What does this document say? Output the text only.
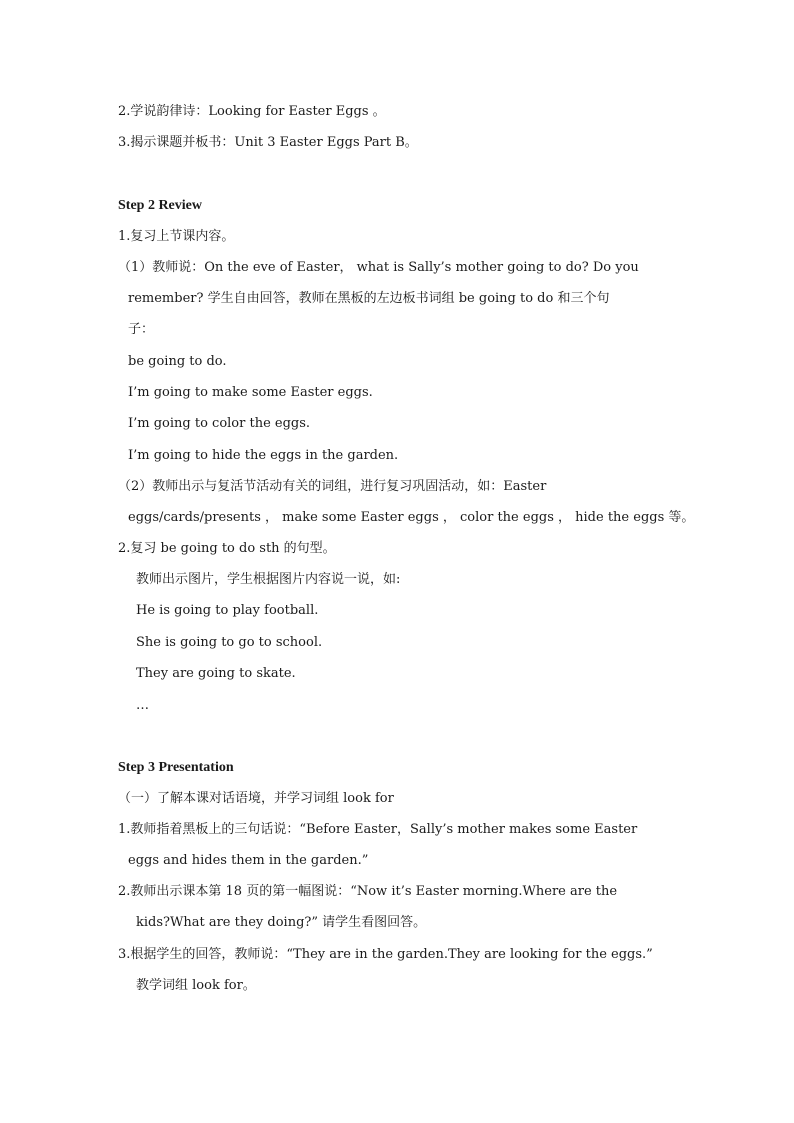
2.学说韵律诗：Looking for Easter Eggs 。
3.揭示课题并板书：Unit 3 Easter Eggs Part B。
Step 2 Review
1.复习上节课内容。
（1）教师说：On the eve of Easter， what is Sally’s mother going to do? Do you
remember? 学生自由回答，教师在黑板的左边板书词组 be going to do 和三个句
子：
be going to do.
I’m going to make some Easter eggs.
I’m going to color the eggs.
I’m going to hide the eggs in the garden.
（2）教师出示与复活节活动有关的词组，进行复习巩固活动，如：Easter
eggs/cards/presents ， make some Easter eggs ， color the eggs ， hide the eggs 等。
2.复习 be going to do sth 的句型。
教师出示图片，学生根据图片内容说一说，如:
He is going to play football.
She is going to go to school.
They are going to skate.
…
Step 3 Presentation
（一）了解本课对话语境，并学习词组 look for
1.教师指着黑板上的三句话说：“Before Easter，Sally’s mother makes some Easter
eggs and hides them in the garden.”
2.教师出示课本第 18 页的第一幅图说：“Now it’s Easter morning.Where are the
kids?What are they doing?” 请学生看图回答。
3.根据学生的回答，教师说：“They are in the garden.They are looking for the eggs.”
教学词组 look for。
